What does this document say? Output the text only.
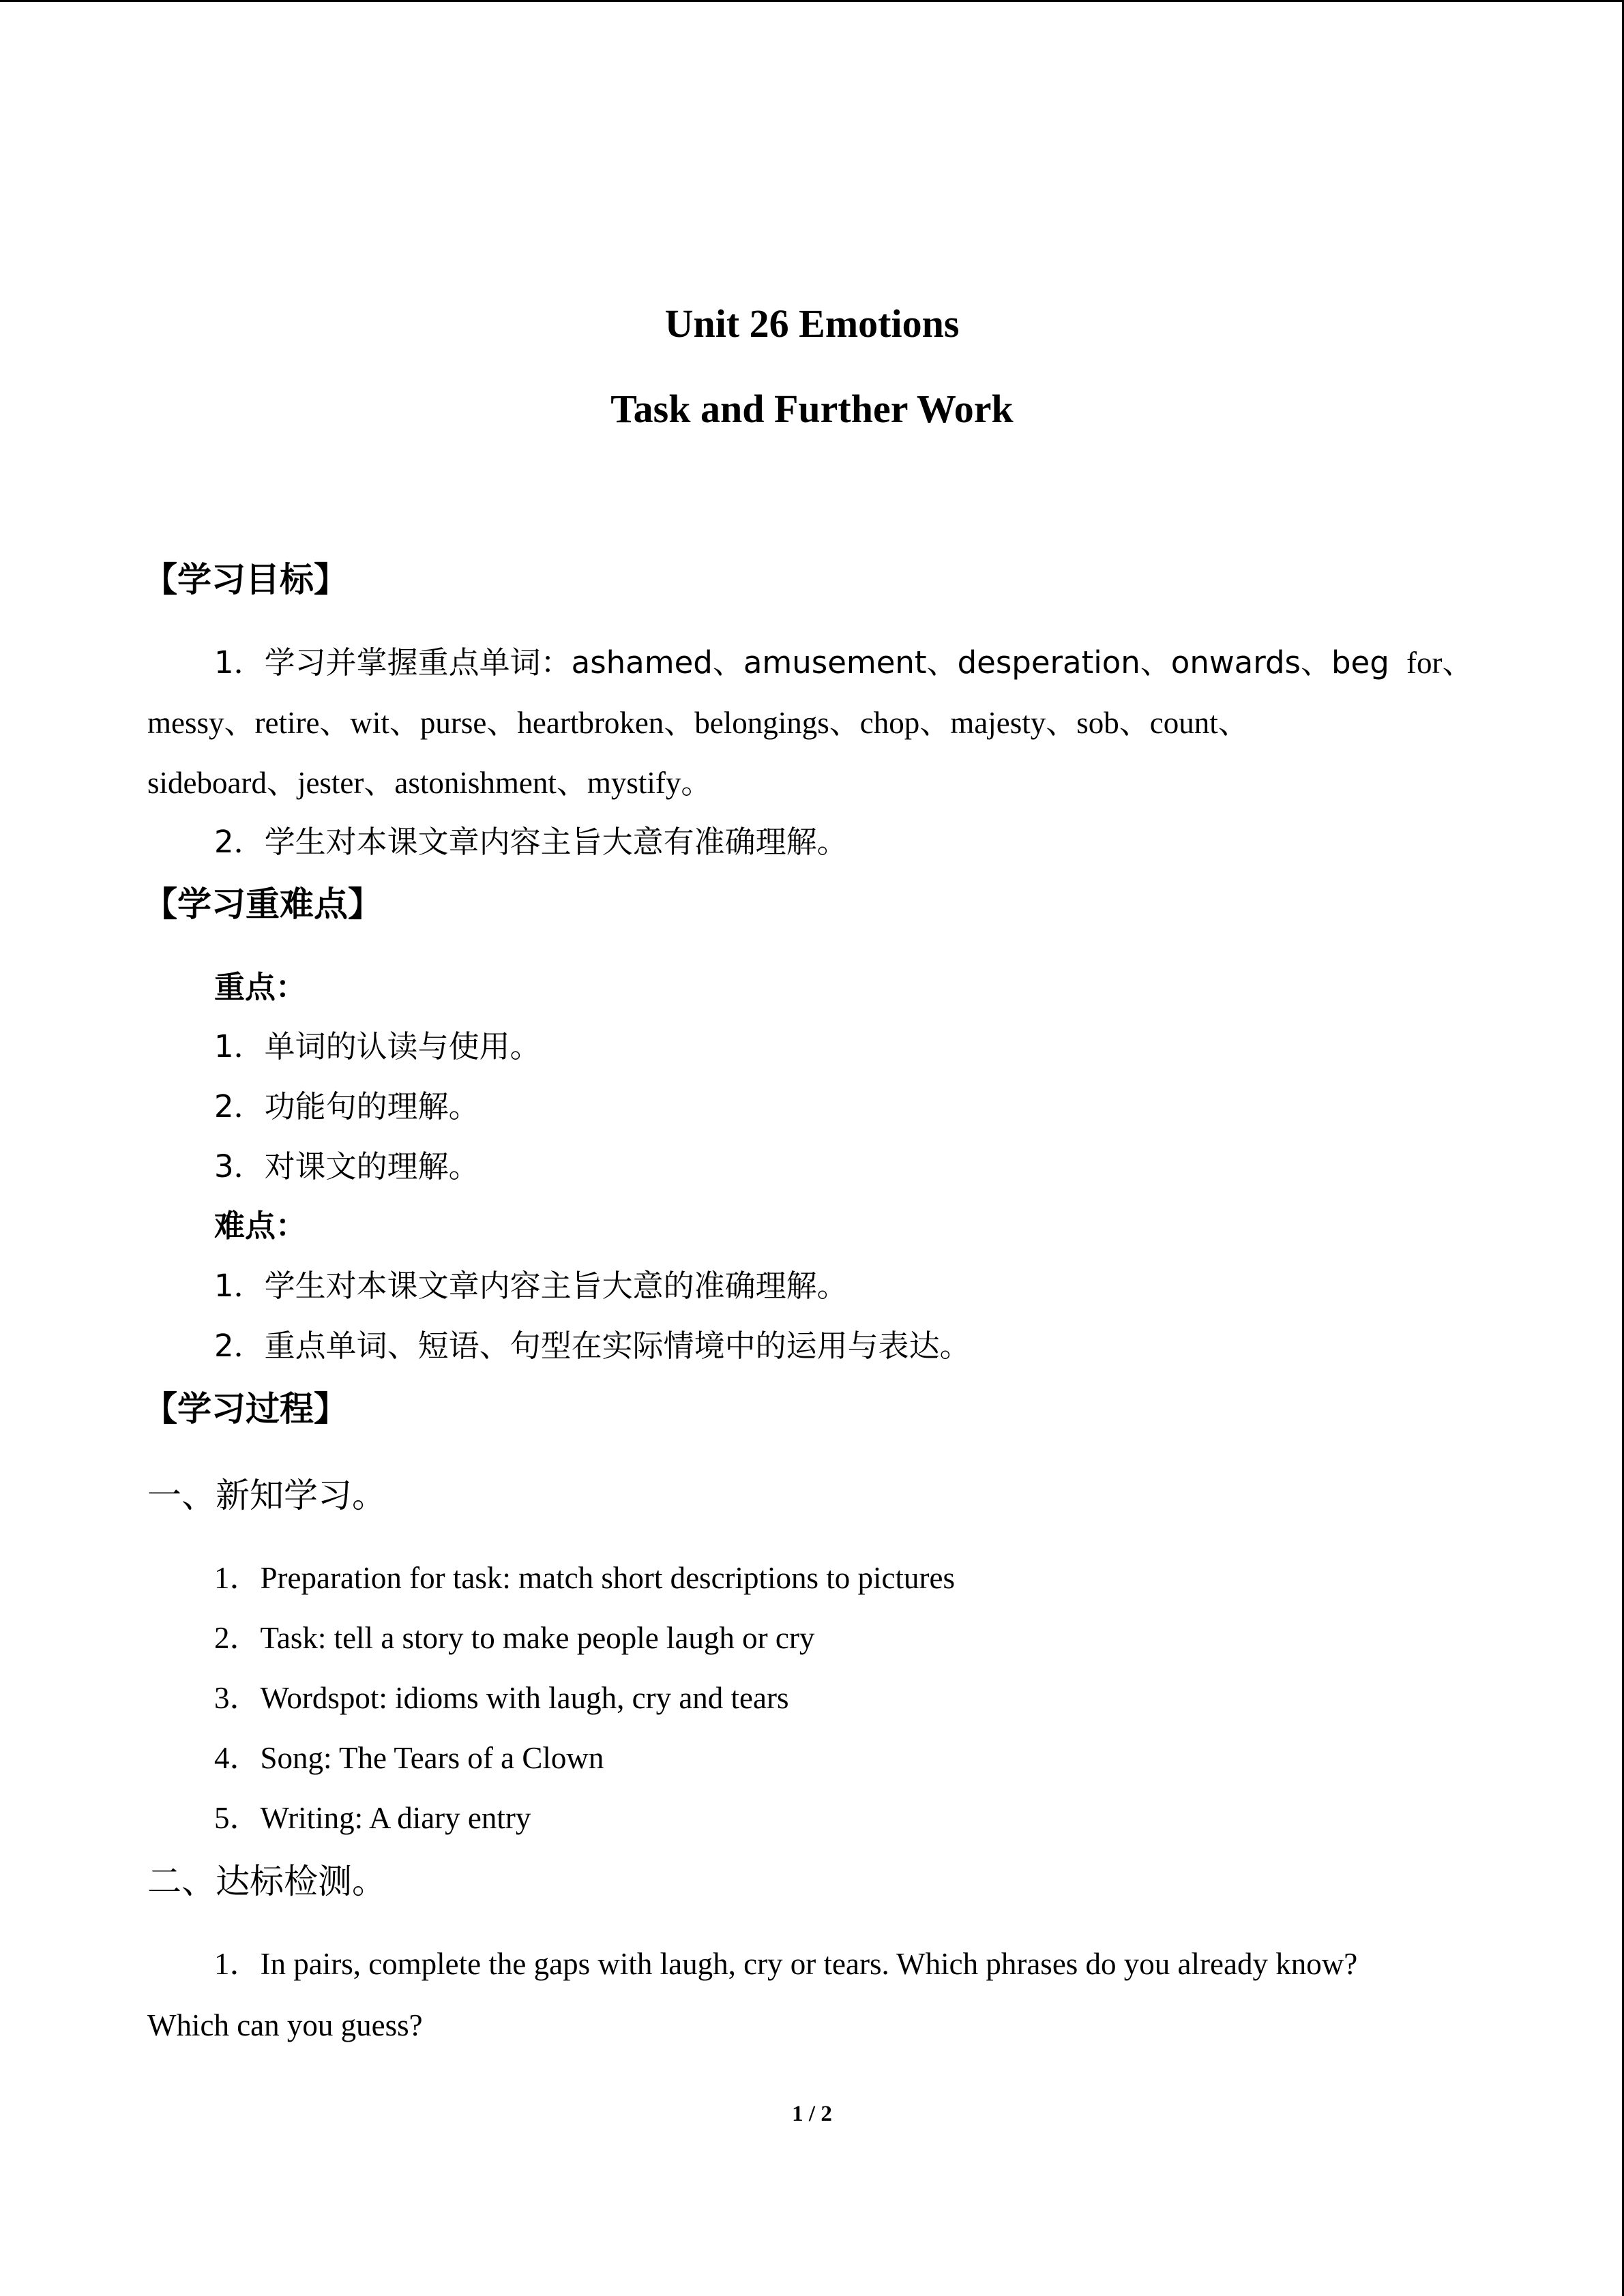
Unit 26 Emotions
Task and Further Work
【学习目标】
1．学习并掌握重点单词：ashamed、amusement、desperation、onwards、beg for、
messy、retire、wit、purse、heartbroken、belongings、chop、majesty、sob、count、
sideboard、jester、astonishment、mystify。
2．学生对本课文章内容主旨大意有准确理解。
【学习重难点】
重点：
1．单词的认读与使用。
2．功能句的理解。
3．对课文的理解。
难点：
1．学生对本课文章内容主旨大意的准确理解。
2．重点单词、短语、句型在实际情境中的运用与表达。
【学习过程】
一、新知学习。
1．Preparation for task: match short descriptions to pictures
2．Task: tell a story to make people laugh or cry
3．Wordspot: idioms with laugh, cry and tears
4．Song: The Tears of a Clown
5．Writing: A diary entry
二、达标检测。
1．In pairs, complete the gaps with laugh, cry or tears. Which phrases do you already know?
Which can you guess?
1 / 2
